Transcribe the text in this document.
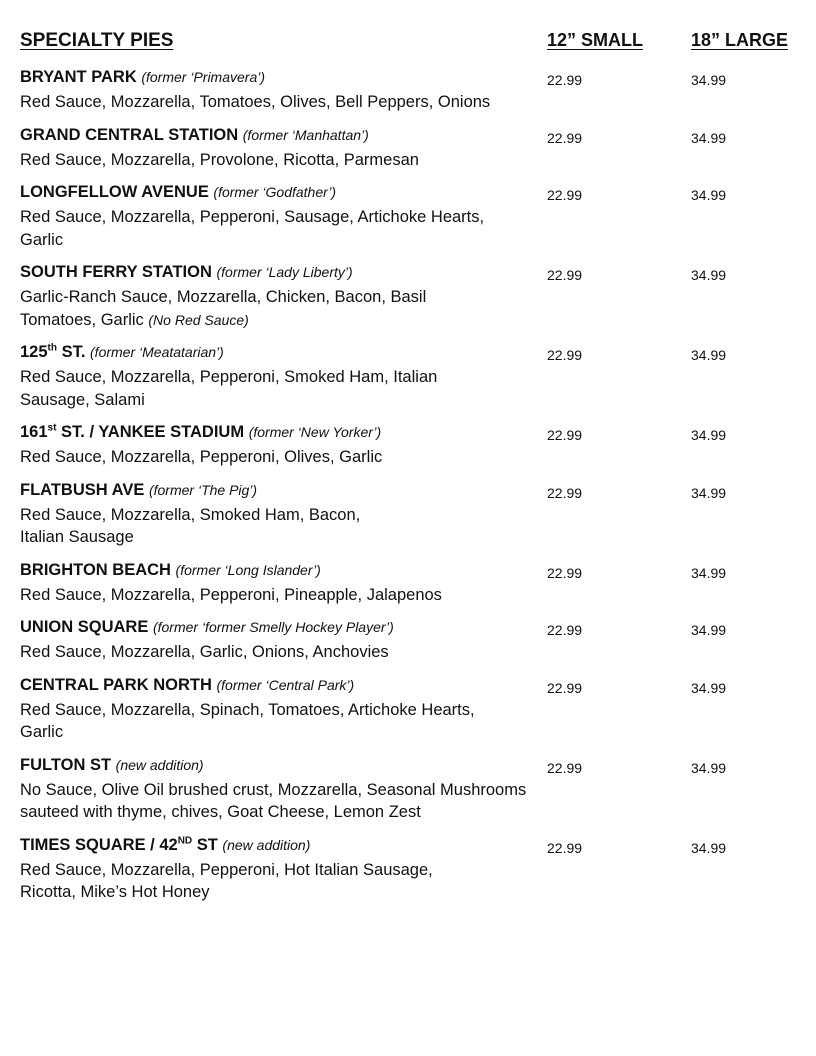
SPECIALTY PIES	12” SMALL	18” LARGE
BRYANT PARK (former ‘Primavera’)	22.99	34.99
Red Sauce, Mozzarella, Tomatoes, Olives, Bell Peppers, Onions
GRAND CENTRAL STATION (former ‘Manhattan’)	22.99	34.99
Red Sauce, Mozzarella, Provolone, Ricotta, Parmesan
LONGFELLOW AVENUE (former ‘Godfather’)	22.99	34.99
Red Sauce, Mozzarella, Pepperoni, Sausage, Artichoke Hearts,
Garlic
SOUTH FERRY STATION (former ‘Lady Liberty’)	22.99	34.99
Garlic-Ranch Sauce, Mozzarella, Chicken, Bacon, Basil
Tomatoes, Garlic (No Red Sauce)
125th ST. (former ‘Meatatarian’)	22.99	34.99
Red Sauce, Mozzarella, Pepperoni, Smoked Ham, Italian
Sausage, Salami
161st ST. / YANKEE STADIUM (former ‘New Yorker’)	22.99	34.99
Red Sauce, Mozzarella, Pepperoni, Olives, Garlic
FLATBUSH AVE (former ‘The Pig’)	22.99	34.99
Red Sauce, Mozzarella, Smoked Ham, Bacon,
Italian Sausage
BRIGHTON BEACH (former ‘Long Islander’)	22.99	34.99
Red Sauce, Mozzarella, Pepperoni, Pineapple, Jalapenos
UNION SQUARE (former ‘former Smelly Hockey Player’)	22.99	34.99
Red Sauce, Mozzarella, Garlic, Onions, Anchovies
CENTRAL PARK NORTH (former ‘Central Park’)	22.99	34.99
Red Sauce, Mozzarella, Spinach, Tomatoes, Artichoke Hearts,
Garlic
FULTON ST (new addition)	22.99	34.99
No Sauce, Olive Oil brushed crust, Mozzarella, Seasonal Mushrooms
sauteed with thyme, chives, Goat Cheese, Lemon Zest
TIMES SQUARE / 42ND ST (new addition)	22.99	34.99
Red Sauce, Mozzarella, Pepperoni, Hot Italian Sausage,
Ricotta, Mike’s Hot Honey
